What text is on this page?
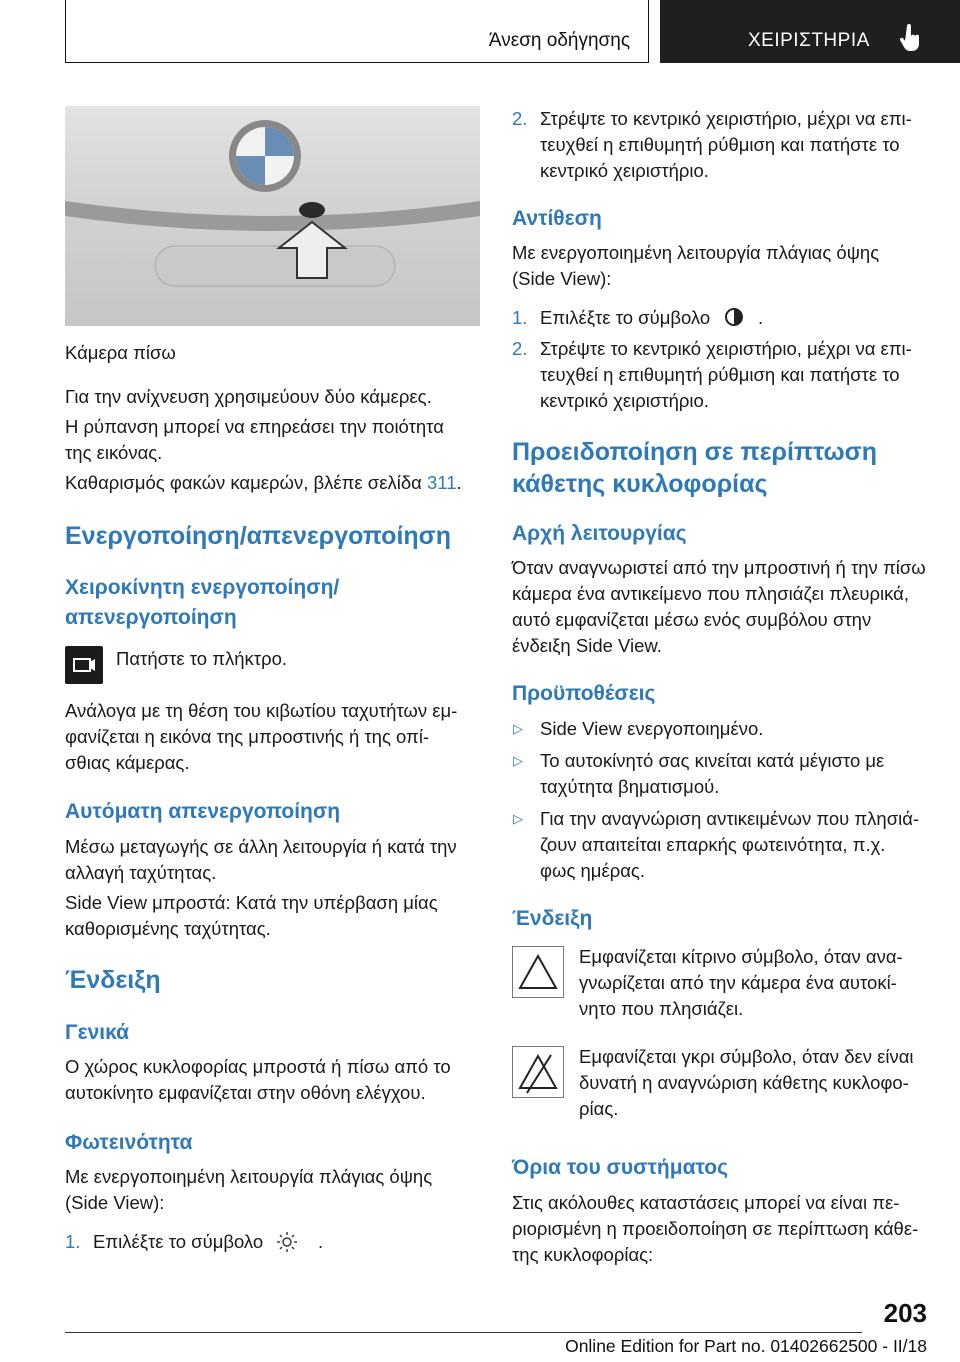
Άνεση οδήγησης	ΧΕΙΡΙΣΤΗΡΙΑ
Κάμερα πίσω
Για την ανίχνευση χρησιμεύουν δύο κάμερες.
Η ρύπανση μπορεί να επηρεάσει την ποιότητα
της εικόνας.
Καθαρισμός φακών καμερών, βλέπε σελίδα 311.
Ενεργοποίηση/απενεργοποίηση
Χειροκίνητη ενεργοποίηση/
απενεργοποίηση
Πατήστε το πλήκτρο.
Ανάλογα με τη θέση του κιβωτίου ταχυτήτων εμ-
φανίζεται η εικόνα της μπροστινής ή της οπί-
σθιας κάμερας.
Αυτόματη απενεργοποίηση
Μέσω μεταγωγής σε άλλη λειτουργία ή κατά την
αλλαγή ταχύτητας.
Side View μπροστά: Κατά την υπέρβαση μίας
καθορισμένης ταχύτητας.
Ένδειξη
Γενικά
Ο χώρος κυκλοφορίας μπροστά ή πίσω από το
αυτοκίνητο εμφανίζεται στην οθόνη ελέγχου.
Φωτεινότητα
Με ενεργοποιημένη λειτουργία πλάγιας όψης
(Side View):
1. Επιλέξτε το σύμβολο	.
2. Στρέψτε το κεντρικό χειριστήριο, μέχρι να επι-
τευχθεί η επιθυμητή ρύθμιση και πατήστε το
κεντρικό χειριστήριο.
Αντίθεση
Με ενεργοποιημένη λειτουργία πλάγιας όψης
(Side View):
1. Επιλέξτε το σύμβολο	.
2. Στρέψτε το κεντρικό χειριστήριο, μέχρι να επι-
τευχθεί η επιθυμητή ρύθμιση και πατήστε το
κεντρικό χειριστήριο.
Προειδοποίηση σε περίπτωση
κάθετης κυκλοφορίας
Αρχή λειτουργίας
Όταν αναγνωριστεί από την μπροστινή ή την πίσω
κάμερα ένα αντικείμενο που πλησιάζει πλευρικά,
αυτό εμφανίζεται μέσω ενός συμβόλου στην
ένδειξη Side View.
Προϋποθέσεις
▷ Side View ενεργοποιημένο.
▷ Το αυτοκίνητό σας κινείται κατά μέγιστο με
ταχύτητα βηματισμού.
▷ Για την αναγνώριση αντικειμένων που πλησιά-
ζουν απαιτείται επαρκής φωτεινότητα, π.χ.
φως ημέρας.
Ένδειξη
Εμφανίζεται κίτρινο σύμβολο, όταν ανα-
γνωρίζεται από την κάμερα ένα αυτοκί-
νητο που πλησιάζει.
Εμφανίζεται γκρι σύμβολο, όταν δεν είναι
δυνατή η αναγνώριση κάθετης κυκλοφο-
ρίας.
Όρια του συστήματος
Στις ακόλουθες καταστάσεις μπορεί να είναι πε-
ριορισμένη η προειδοποίηση σε περίπτωση κάθε-
της κυκλοφορίας:
203
Online Edition for Part no. 01402662500 - II/18
